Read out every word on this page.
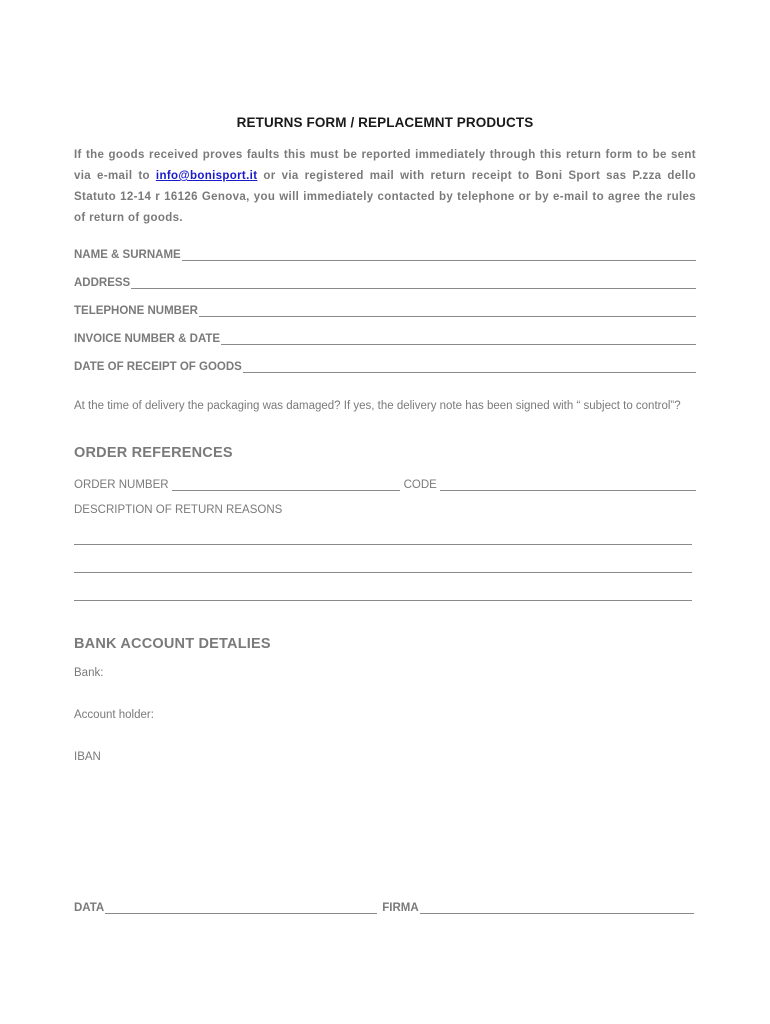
RETURNS FORM / REPLACEMNT PRODUCTS
If the goods received proves faults this must be reported immediately through this return form to be sent via e-mail to info@bonisport.it or via registered mail with return receipt to Boni Sport sas P.zza dello Statuto 12-14 r 16126 Genova, you will immediately contacted by telephone or by e-mail to agree the rules of return of goods.
NAME & SURNAME
ADDRESS
TELEPHONE NUMBER
INVOICE NUMBER & DATE
DATE OF RECEIPT OF GOODS
At the time of delivery the packaging was damaged? If yes, the delivery note has been signed with “ subject to control”?
ORDER REFERENCES
ORDER NUMBER	CODE
DESCRIPTION OF RETURN REASONS
BANK ACCOUNT DETALIES
Bank:
Account holder:
IBAN
DATA	FIRMA
